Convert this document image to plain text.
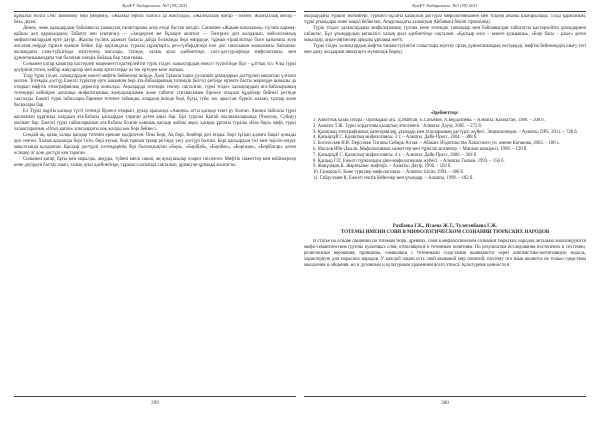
ҚазҰУ Хабаршысы. №3 (59) 2011

құбылыс болса «Увг зимизиму пері (мерим)», «Жылқы тербіп талғаса да жоқталда», «Жалғызлық жоғар – бәлеге, Жалғызлық жоғар – бек» деген.

Демек, жеке адамдардың байланысы халықтың санаттарына әсер етеді бастап келдіп. Сонымен «Жаман-жақсылық» түсінік қарама-қайшы деп қарауындағы Табиғат пен (емтиған) — «Зандерген ме бұлақпе анлғиат — Тенгриға деп жалданып, эмбологиялық мифологиялардың ерте дәуірі. Жалпы түсінік адамзат баласы дайда болжамда бері өмірдеде, тұрмыс-тіршілігінде бізге қатынасы әсер жасаған өмірде тарихи ерекше бейне. Бір қорғандасы туралы сұрақтарға, рез-сүзбердіктері көп деп санасынан жазылмасы байланыс жолыңдағы сана-түйсігінде зерттеулер жасалды, тілінде, халық ауыз әдебиетінде, салт-дәстүрлерінде мифологиясы, мен дүниетанымындағы таң болатын өзіндік байлық бар тарихнама.

Сонымен қатар қазақтар қастерлеп мәдениетті қастерлейтін түрік тілдес халықтардың ежелгі түсінігінде бірі – ұлттық тіл. Ұлы түркі дәуірінің тотем, кейбір жануарлар мен жаңа ертегілерде өз тек ертеден келе жатқан.

Үнді түркі тілдес халықтардың ежелгі мифтік бейнелері ішінде, Дала Тұмасы тарих руханият ұғымдарын дәстүрлеп мирастап үлгілеп келген. Тотемдік дәстүр Ежелгі түріктер ерте заманнан бері ата-бабаларының тотемдік белгісі ретінде ертекте басты жерлерде шамалы да отырып мифтік этнографиялық деректер жиналды. Аңыздарда тотемдік тектер сақталған, түркі тілдес халықтардың ата-бабаларының тотемдері кейінірек алғашқы мифологиялық жануарларымен және табиғат стихиясымен бірлесе отырып құдайлар бейнесі ретінде сақталды. Ежелгі түркі тайпалары бірнеше тотемге табынды, олардың ішінде бөрі, бұғы, түйе, аю, арыстан, бүркіт, жылан, тұлпар және басқалары бар.

Ел Түркі жұрты қасқыр түсті тотемді бірлесе отырып, рулар арасында «Ашина» атты қасқыр текті ру болған. Ашина тайпасы түркі қағанатын құрғанда олардың ата-бабасы қасқырдан тараған деген аңыз бар. Бұл туралы Қытай жылнамаларында (Чжоушу, Суйшу) мәлімет бар. Ежелгі түркі тайпаларының ата-бабасы болған қаншық қасқыр жайлы аңыз, қасқыр ұрпағы туралы «Көк бөрі» мифі, түркі халықтарының «Оғыз қаған» эпосындағы көк жалды көк бөрі бейнесі.

Сондай-ақ, қазақ халқы қасқыр тотемін ерекше қадірлеген. Оны Бөрі, Ақ бөрі, Көкбөрі деп атады. Бөрі тұтқан адамға бақыт қонады деп сенген. Халық арасында бөрі тісін, бөрі азуын, бөрі тұяғын тұмар ретінде тағу дәстүрі болған. Бөрі қасқырдың тісі мен терісін емдеу мақсатында қолданған. Қасқыр дәстүрлі тотемдерінің бірі болғандықтан «Бөрі», «Бөрібай», «Бөрібек», «Бөріжан», «Бөрібасар» деген есімдер ат қою дәстүрі кең тараған.

Сонымен қатар, бұғы мен маралды, аққуды, түйені киелі санап, аң аулаушылар оларға тиіспеген. Мифтік сюжеттер мен кейіпкерлер көне дәуірден бастау алып, халық ауыз әдебиетінде, тұрмыс-салтында сақталып, ұрпақтан-ұрпаққа жалғасты.

299
ҚазҰУ Хабаршысы. №3 (59) 2011

жырлардағы түркінг мотивтері, түркінгі бұлағы қазақтың дәстүрлі мифологиясымен мен тілдері ағымы шығарылады. Тілді қарапайым, түркі ұғымдары және мақал бейнелеп, Анадолыдағы халықтың Айбавыға бекіні тіркелінеді.

Түрік тілдес халықтардағы мифологиялық түсінік көне тотемдік танымдар мен байланысқан табиғатты қастерлейтін ұғымдармен сабақтас. Бұл ұғымдардың көпшілігі халық ауыз әдебиетінде сақталып, «Қасқыр өлсе – кенеге қуанышы», «Бөрі басы – ұлығ» деген мақалдар, аңыз-әңгімелер арқылы ұрпаққа жетті.

Түркі тілдес халықтардың мифтік таным-түсінігін салыстыра зерттеу ортақ дүниетанымдық негіздерді, мифтік бейнелердің шығу тегі мен даму жолдарын анықтауға мүмкіндік береді.

Әдебиеттер:
1. Азиаттық қазақ сойды / Оразкадыр ауд. Д.Майтан, Е.Сатымов, А.Бердалиева. – Алматы: Қазақстан, 1986. – 208 б.
2. Алматы Т.Ж. Түркі хордатоны қазақтың этногенезі / Алматы: Дәуір, 2005. – 273 б.
3. Қазақтың этнографиялық категориялар, ұғымдар мен атауларының дәстүрлі жүйесі. Энциклопедия. – Алматы: DPS, 2011. – 728 б.
4. Қоңырлұй С. Қазақтың мифологиясы. 3 т. – Алматы: Дайк-Пресс, 2004. – 488 б.
5. Боголосьев Н.В. Персонаж Титаны Сибирь-Алтая. – Абакан: Издательство Хакасского ун. имени Катанова, 2003. – 180 с.
6. Маслов Ибн-Джали. Мифологиялық сюжеттер мен түркілік мотивтер. – Мағжан шежіресі, 1998. – 120 б.
7. Қоңырлұй С. Қазақтың мифологиясы. 4 т. – Алматы: Дайк-Пресс, 2006. – 304 б.
8. Қасқыр Г.П. Ежелгі түркілердің діни-мифологиялық жүйесі. – Алматы: Гылым, 1993. – 156 б.
9. Жанұзақов К. Жаратылыс мифтері. – Алматы: Дәуір, 1996. – 102 б.
10. Ғұмаров Б. Көне түркілер мифологиясы. – Алматы: Білім, 1994. – 480 б.
11. Габдуллаев Қ. Ежелгі тектік бейнелер мен ұғымдар. – Алматы, 1998. – 182 б.
Рахбаева Г.К., Исаева Ж.Т., Тулегенбаева Г.Ж.
ТОТЕМЫ ИМЕНИ СОВИ В МИФОЛОГИЧЕСКОМ СОЗНАНИИ ТЮРКСКИХ НАРОДОВ

В статье на основе сведений по тотемам тюрк, древних, сови в мифологическом сознании тюркских народов детально анализируются мифо-семантические группы культовых слов, относящихся к тотемным понятиям. По результатам исследования постепенно и системно, религиозные верования, принципы, символики с тотемными сходствами выявляются через лингвистико-когнитивную модель, характерную для тюркских народов. У каждой нации есть свой языковой мир понятий, поэтому что язык является не только средством мышления и общения, но и духовным и культурным хранением всего этноса. Культурные ценности в

300
